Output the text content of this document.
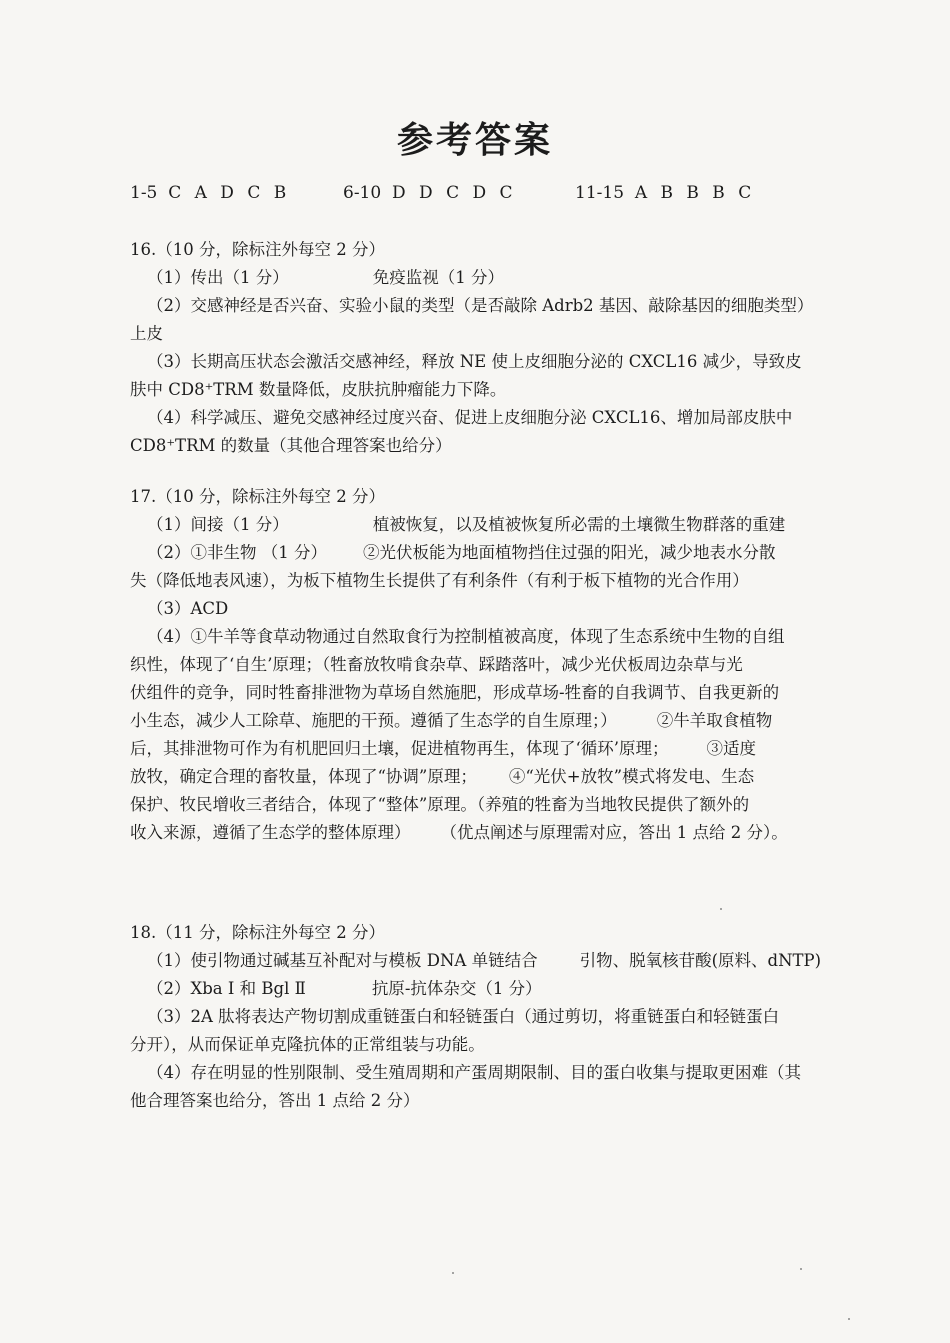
参考答案
1-5 C A D C B	6-10 D D C D C	11-15 A B B B C
16.（10 分，除标注外每空 2 分）
（1）传出（1 分）	免疫监视（1 分）
（2）交感神经是否兴奋、实验小鼠的类型（是否敲除 Adrb2 基因、敲除基因的细胞类型）
上皮
（3）长期高压状态会激活交感神经，释放 NE 使上皮细胞分泌的 CXCL16 减少，导致皮
肤中 CD8⁺TRM 数量降低，皮肤抗肿瘤能力下降。
（4）科学减压、避免交感神经过度兴奋、促进上皮细胞分泌 CXCL16、增加局部皮肤中
CD8⁺TRM 的数量（其他合理答案也给分）
17.（10 分，除标注外每空 2 分）
（1）间接（1 分）	植被恢复，以及植被恢复所必需的土壤微生物群落的重建
（2）①非生物 （1 分） ②光伏板能为地面植物挡住过强的阳光，减少地表水分散
失（降低地表风速），为板下植物生长提供了有利条件（有利于板下植物的光合作用）
（3）ACD
（4）①牛羊等食草动物通过自然取食行为控制植被高度，体现了生态系统中生物的自组
织性，体现了‘自生’原理；（牲畜放牧啃食杂草、踩踏落叶，减少光伏板周边杂草与光
伏组件的竞争，同时牲畜排泄物为草场自然施肥，形成草场-牲畜的自我调节、自我更新的
小生态，减少人工除草、施肥的干预。遵循了生态学的自生原理；） ②牛羊取食植物
后，其排泄物可作为有机肥回归土壤，促进植物再生，体现了‘循环’原理； ③适度
放牧，确定合理的畜牧量，体现了“协调”原理； ④“光伏+放牧”模式将发电、生态
保护、牧民增收三者结合，体现了“整体”原理。（养殖的牲畜为当地牧民提供了额外的
收入来源，遵循了生态学的整体原理） （优点阐述与原理需对应，答出 1 点给 2 分）。
18.（11 分，除标注外每空 2 分）
（1）使引物通过碱基互补配对与模板 DNA 单链结合	引物、脱氧核苷酸(原料、dNTP)
（2）Xba Ⅰ 和 Bgl Ⅱ	抗原-抗体杂交（1 分）
（3）2A 肽将表达产物切割成重链蛋白和轻链蛋白（通过剪切，将重链蛋白和轻链蛋白
分开），从而保证单克隆抗体的正常组装与功能。
（4）存在明显的性别限制、受生殖周期和产蛋周期限制、目的蛋白收集与提取更困难（其
他合理答案也给分，答出 1 点给 2 分）
